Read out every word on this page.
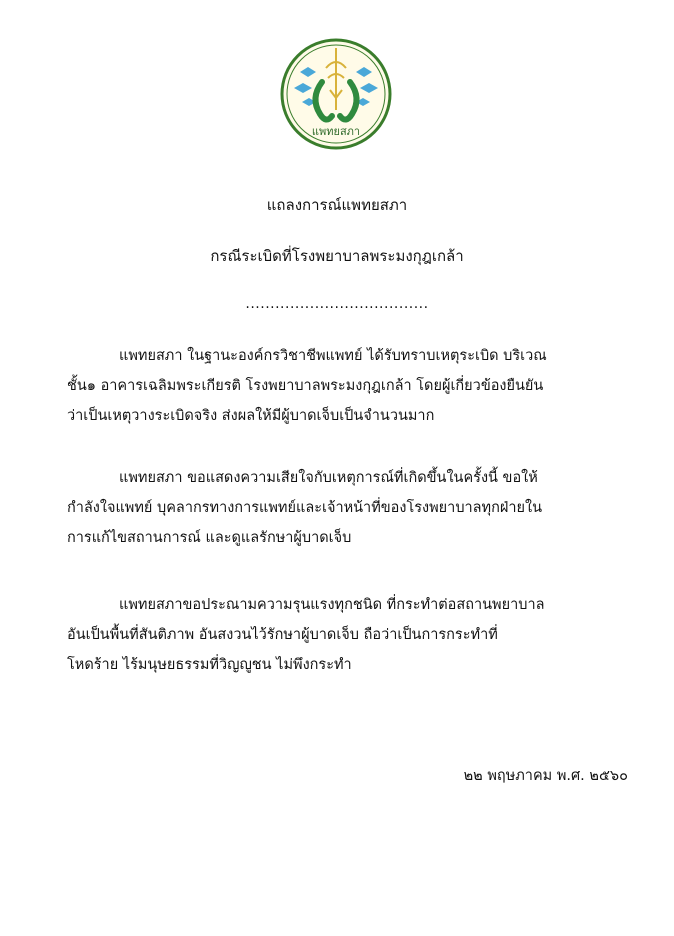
แพทยสภา
แถลงการณ์แพทยสภา
กรณีระเบิดที่โรงพยาบาลพระมงกุฎเกล้า
.....................................
แพทยสภา ในฐานะองค์กรวิชาชีพแพทย์ ได้รับทราบเหตุระเบิด บริเวณ
ชั้น๑ อาคารเฉลิมพระเกียรติ โรงพยาบาลพระมงกุฎเกล้า โดยผู้เกี่ยวข้องยืนยัน
ว่าเป็นเหตุวางระเบิดจริง ส่งผลให้มีผู้บาดเจ็บเป็นจำนวนมาก
แพทยสภา ขอแสดงความเสียใจกับเหตุการณ์ที่เกิดขึ้นในครั้งนี้ ขอให้
กำลังใจแพทย์ บุคลากรทางการแพทย์และเจ้าหน้าที่ของโรงพยาบาลทุกฝ่ายใน
การแก้ไขสถานการณ์ และดูแลรักษาผู้บาดเจ็บ
แพทยสภาขอประณามความรุนแรงทุกชนิด ที่กระทำต่อสถานพยาบาล
อันเป็นพื้นที่สันติภาพ อันสงวนไว้รักษาผู้บาดเจ็บ ถือว่าเป็นการกระทำที่
โหดร้าย ไร้มนุษยธรรมที่วิญญูชน ไม่พึงกระทำ
๒๒ พฤษภาคม พ.ศ. ๒๕๖๐
